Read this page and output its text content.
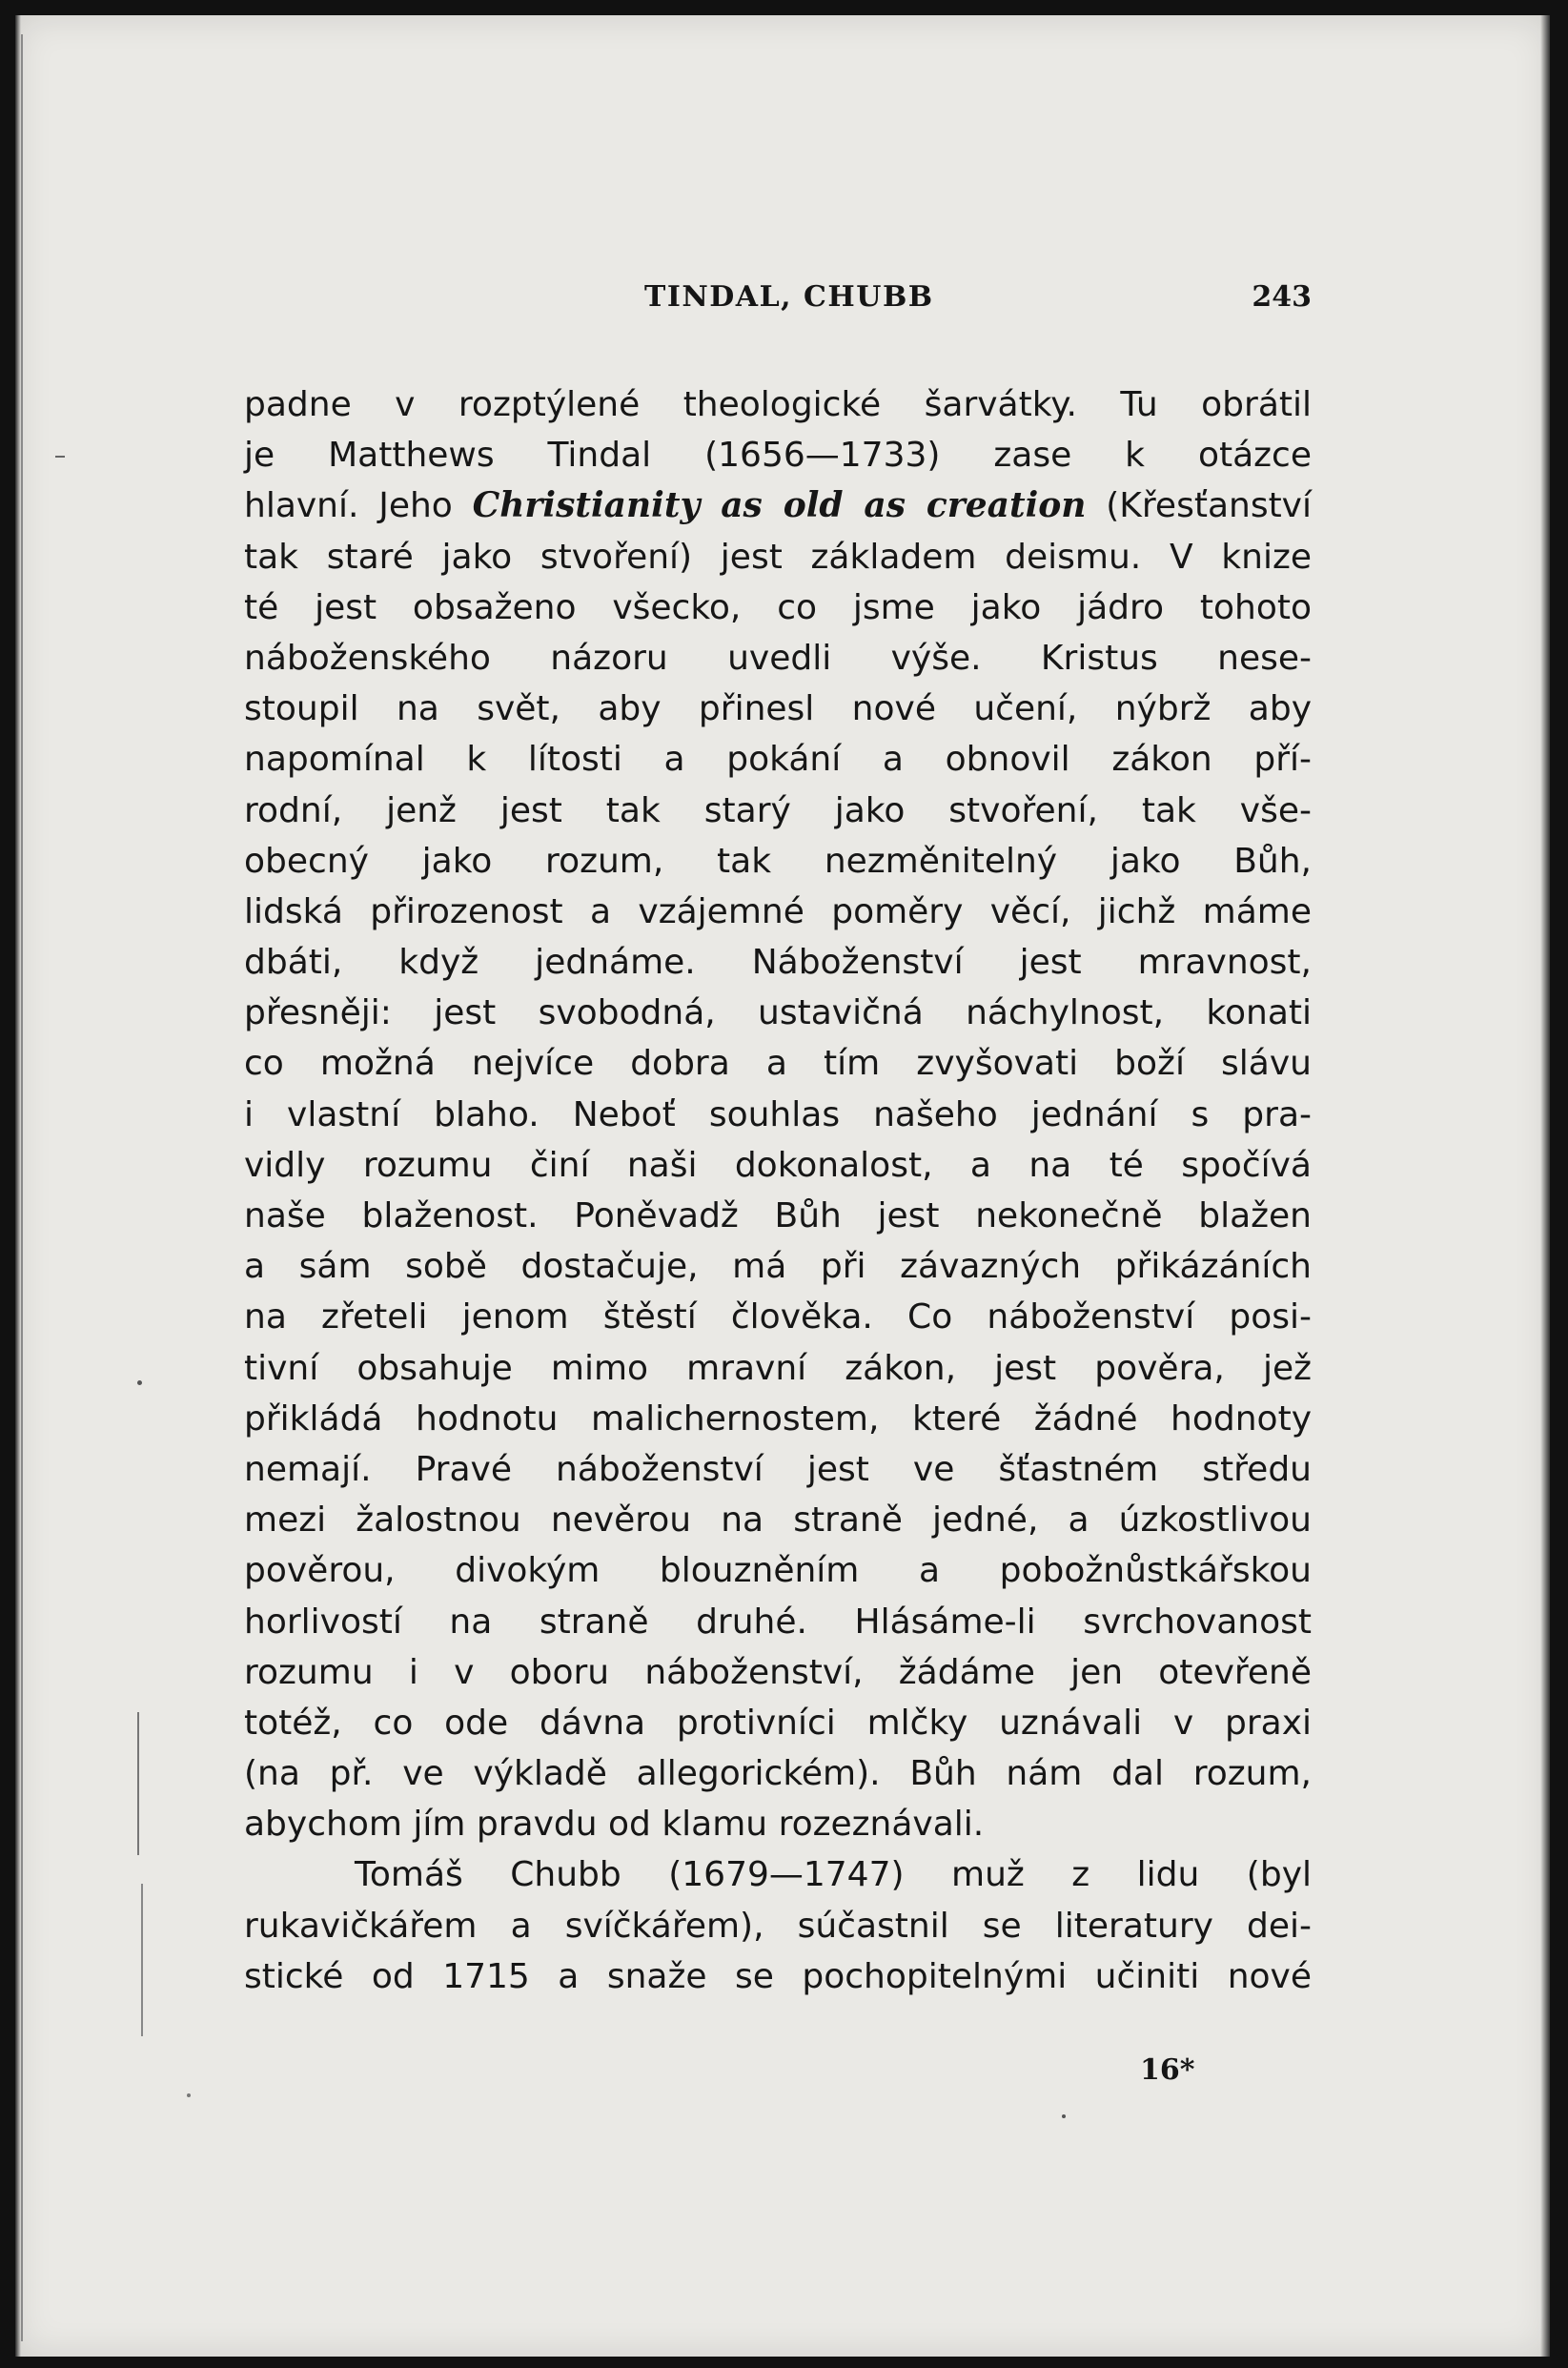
TINDAL, CHUBB	243
padne v rozptýlené theologické šarvátky. Tu obrátil
je Matthews Tindal (1656—1733) zase k otázce
hlavní. Jeho Christianity as old as creation (Křesťanství
tak staré jako stvoření) jest základem deismu. V knize
té jest obsaženo všecko, co jsme jako jádro tohoto
náboženského názoru uvedli výše. Kristus nese-
stoupil na svět, aby přinesl nové učení, nýbrž aby
napomínal k lítosti a pokání a obnovil zákon pří-
rodní, jenž jest tak starý jako stvoření, tak vše-
obecný jako rozum, tak nezměnitelný jako Bůh,
lidská přirozenost a vzájemné poměry věcí, jichž máme
dbáti, když jednáme. Náboženství jest mravnost,
přesněji: jest svobodná, ustavičná náchylnost, konati
co možná nejvíce dobra a tím zvyšovati boží slávu
i vlastní blaho. Neboť souhlas našeho jednání s pra-
vidly rozumu činí naši dokonalost, a na té spočívá
naše blaženost. Poněvadž Bůh jest nekonečně blažen
a sám sobě dostačuje, má při závazných přikázáních
na zřeteli jenom štěstí člověka. Co náboženství posi-
tivní obsahuje mimo mravní zákon, jest pověra, jež
přikládá hodnotu malichernostem, které žádné hodnoty
nemají. Pravé náboženství jest ve šťastném středu
mezi žalostnou nevěrou na straně jedné, a úzkostlivou
pověrou, divokým blouzněním a pobožnůstkářskou
horlivostí na straně druhé. Hlásáme-li svrchovanost
rozumu i v oboru náboženství, žádáme jen otevřeně
totéž, co ode dávna protivníci mlčky uznávali v praxi
(na př. ve výkladě allegorickém). Bůh nám dal rozum,
abychom jím pravdu od klamu rozeznávali.
Tomáš Chubb (1679—1747) muž z lidu (byl
rukavičkářem a svíčkářem), súčastnil se literatury dei-
stické od 1715 a snaže se pochopitelnými učiniti nové
16*
